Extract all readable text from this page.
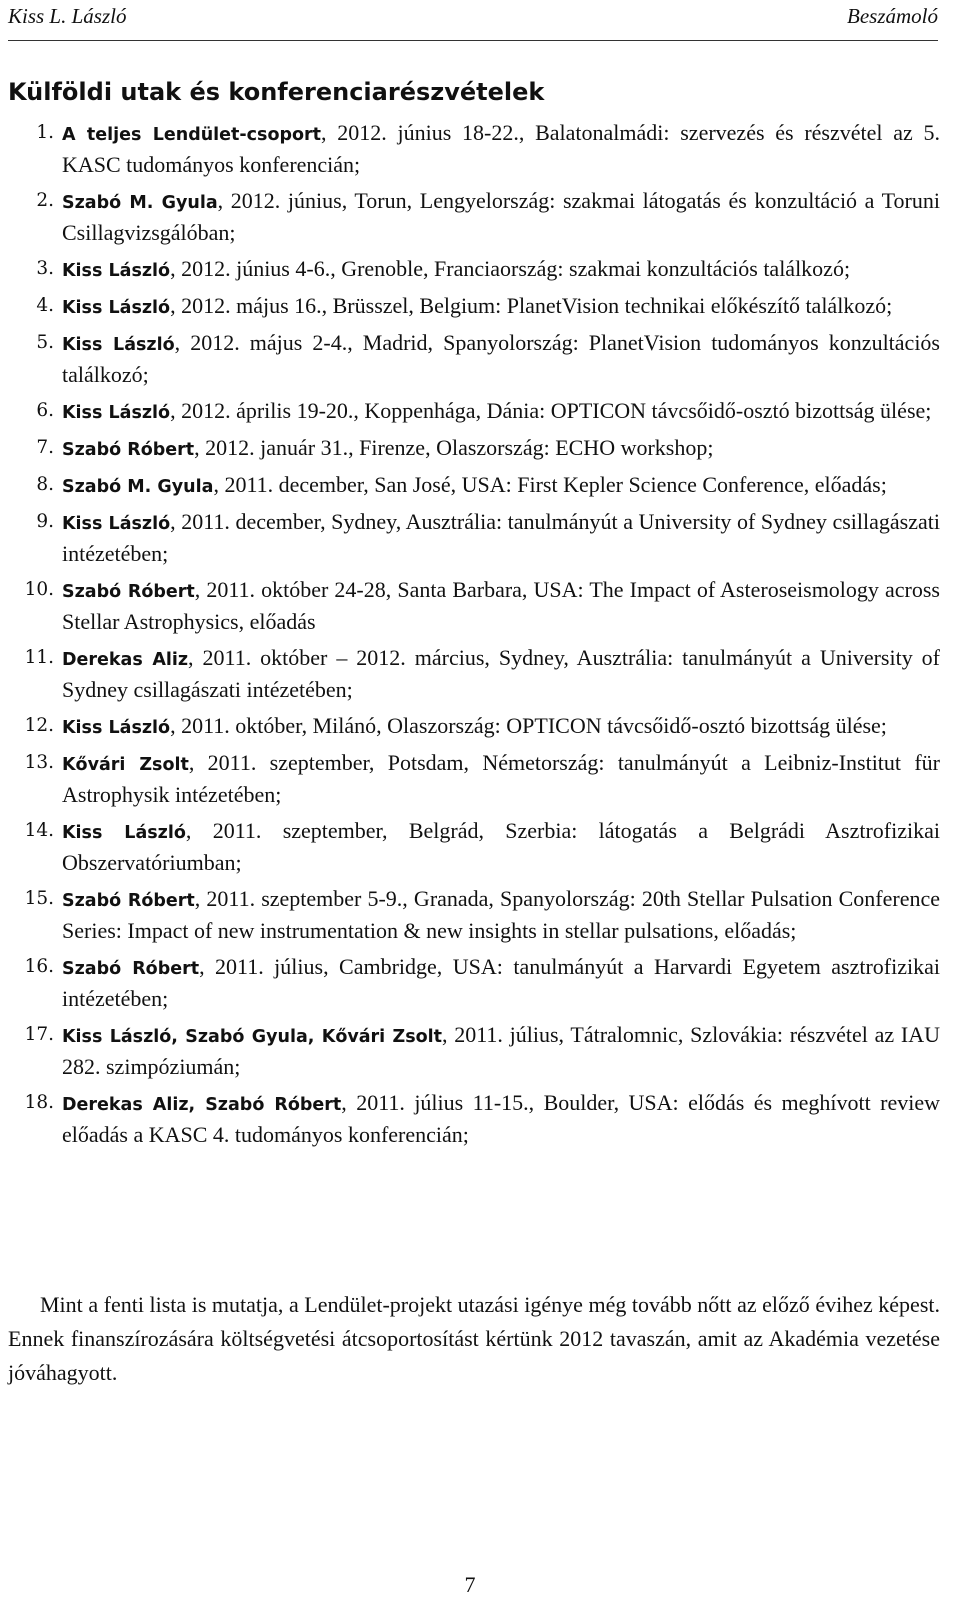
Kiss L. László	Beszámoló
Külföldi utak és konferenciarészvételek
1. A teljes Lendület-csoport, 2012. június 18-22., Balatonalmádi: szervezés és részvétel az 5. KASC tudományos konferencián;
2. Szabó M. Gyula, 2012. június, Torun, Lengyelország: szakmai látogatás és konzultáció a Toruni Csillagvizsgálóban;
3. Kiss László, 2012. június 4-6., Grenoble, Franciaország: szakmai konzultációs találkozó;
4. Kiss László, 2012. május 16., Brüsszel, Belgium: PlanetVision technikai előkészítő találkozó;
5. Kiss László, 2012. május 2-4., Madrid, Spanyolország: PlanetVision tudományos konzultációs találkozó;
6. Kiss László, 2012. április 19-20., Koppenhága, Dánia: OPTICON távcsőidő-osztó bizottság ülése;
7. Szabó Róbert, 2012. január 31., Firenze, Olaszország: ECHO workshop;
8. Szabó M. Gyula, 2011. december, San José, USA: First Kepler Science Conference, előadás;
9. Kiss László, 2011. december, Sydney, Ausztrália: tanulmányút a University of Sydney csillagászati intézetében;
10. Szabó Róbert, 2011. október 24-28, Santa Barbara, USA: The Impact of Asteroseismology across Stellar Astrophysics, előadás
11. Derekas Aliz, 2011. október – 2012. március, Sydney, Ausztrália: tanulmányút a University of Sydney csillagászati intézetében;
12. Kiss László, 2011. október, Milánó, Olaszország: OPTICON távcsőidő-osztó bizottság ülése;
13. Kővári Zsolt, 2011. szeptember, Potsdam, Németország: tanulmányút a Leibniz-Institut für Astrophysik intézetében;
14. Kiss László, 2011. szeptember, Belgrád, Szerbia: látogatás a Belgrádi Asztrofizikai Obszervatóriumban;
15. Szabó Róbert, 2011. szeptember 5-9., Granada, Spanyolország: 20th Stellar Pulsation Conference Series: Impact of new instrumentation & new insights in stellar pulsations, előadás;
16. Szabó Róbert, 2011. július, Cambridge, USA: tanulmányút a Harvardi Egyetem asztrofizikai intézetében;
17. Kiss László, Szabó Gyula, Kővári Zsolt, 2011. július, Tátralomnic, Szlovákia: részvétel az IAU 282. szimpóziumán;
18. Derekas Aliz, Szabó Róbert, 2011. július 11-15., Boulder, USA: elődás és meghívott review előadás a KASC 4. tudományos konferencián;

Mint a fenti lista is mutatja, a Lendület-projekt utazási igénye még tovább nőtt az előző évihez képest. Ennek finanszírozására költségvetési átcsoportosítást kértünk 2012 tavaszán, amit az Akadémia vezetése jóváhagyott.

7
